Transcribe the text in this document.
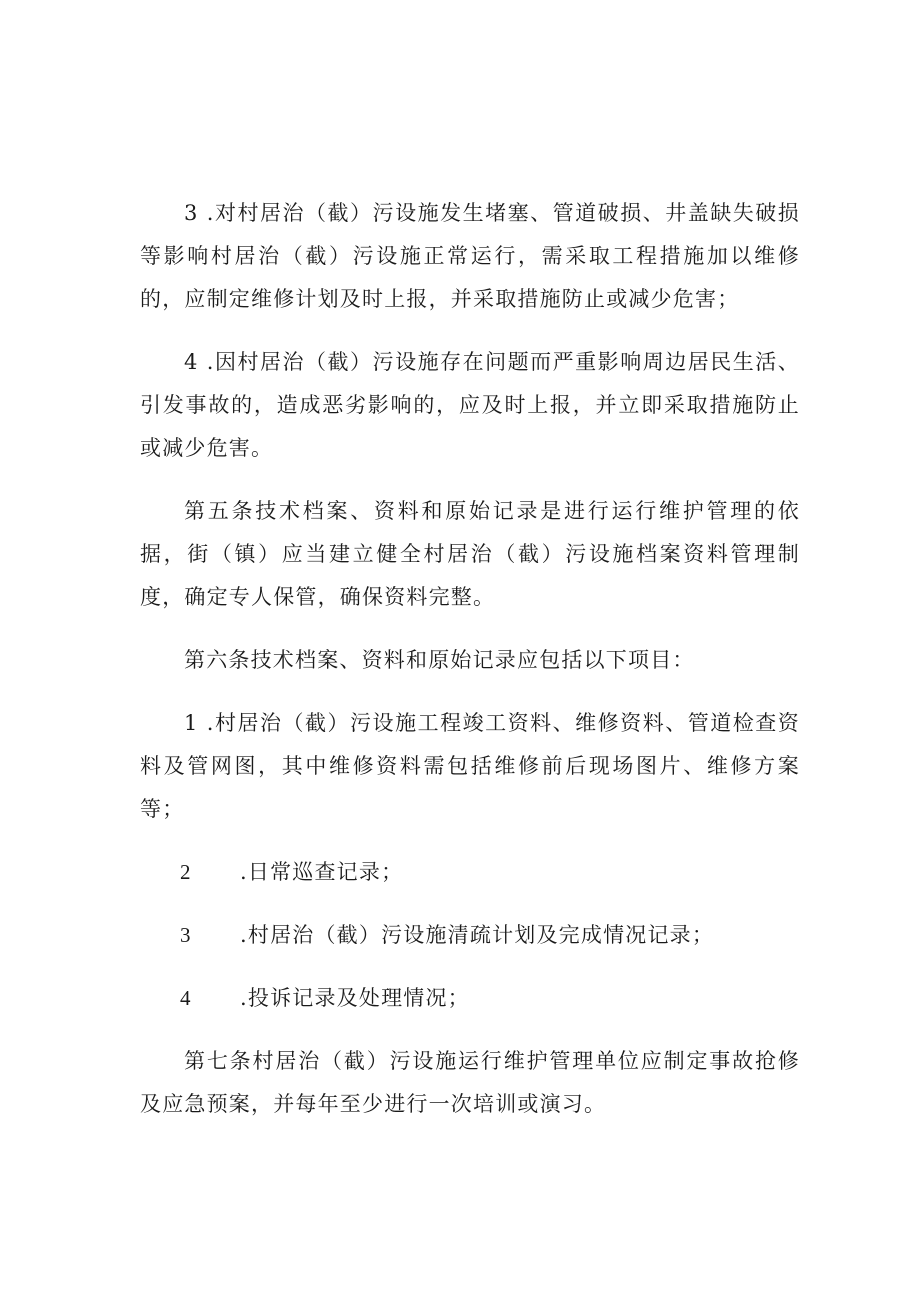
3 .对村居治（截）污设施发生堵塞、管道破损、井盖缺失破损等影响村居治（截）污设施正常运行，需采取工程措施加以维修的，应制定维修计划及时上报，并采取措施防止或减少危害；

4 .因村居治（截）污设施存在问题而严重影响周边居民生活、引发事故的，造成恶劣影响的，应及时上报，并立即采取措施防止或减少危害。

第五条技术档案、资料和原始记录是进行运行维护管理的依据，街（镇）应当建立健全村居治（截）污设施档案资料管理制度，确定专人保管，确保资料完整。

第六条技术档案、资料和原始记录应包括以下项目：

1 .村居治（截）污设施工程竣工资料、维修资料、管道检查资料及管网图，其中维修资料需包括维修前后现场图片、维修方案等；

2 .日常巡查记录；
3 .村居治（截）污设施清疏计划及完成情况记录；
4 .投诉记录及处理情况；

第七条村居治（截）污设施运行维护管理单位应制定事故抢修及应急预案，并每年至少进行一次培训或演习。
